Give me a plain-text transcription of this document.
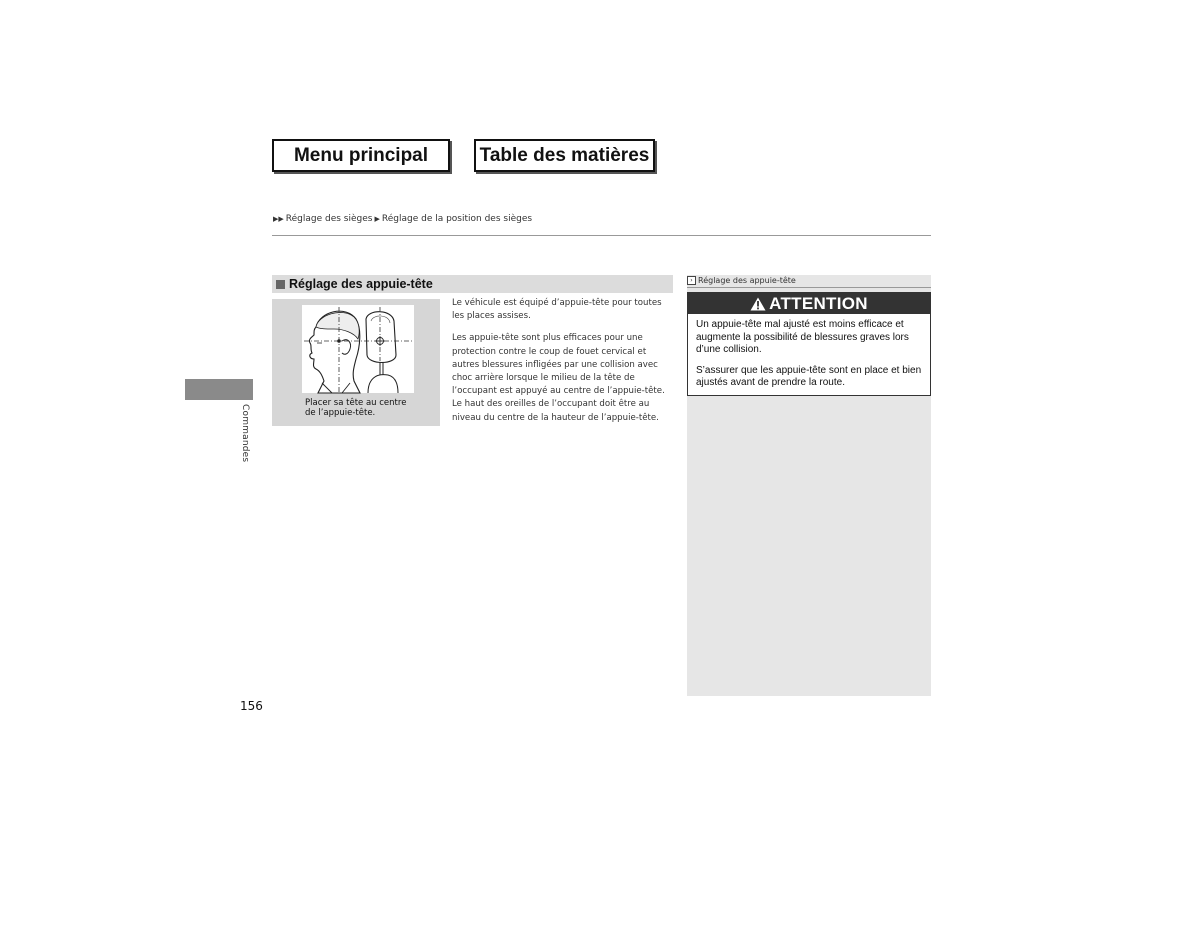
Menu principal	Table des matières
▶▶ Réglage des sièges ▶ Réglage de la position des sièges
Commandes
Réglage des appuie-tête
Placer sa tête au centre
de l’appuie-tête.

Le véhicule est équipé d’appuie-tête pour toutes les places assises.

Les appuie-tête sont plus efficaces pour une protection contre le coup de fouet cervical et autres blessures infligées par une collision avec choc arrière lorsque le milieu de la tête de l’occupant est appuyé au centre de l’appuie-tête. Le haut des oreilles de l’occupant doit être au niveau du centre de la hauteur de l’appuie-tête.

› Réglage des appuie-tête
ATTENTION

Un appuie-tête mal ajusté est moins efficace et augmente la possibilité de blessures graves lors d’une collision.

S’assurer que les appuie-tête sont en place et bien ajustés avant de prendre la route.

156
